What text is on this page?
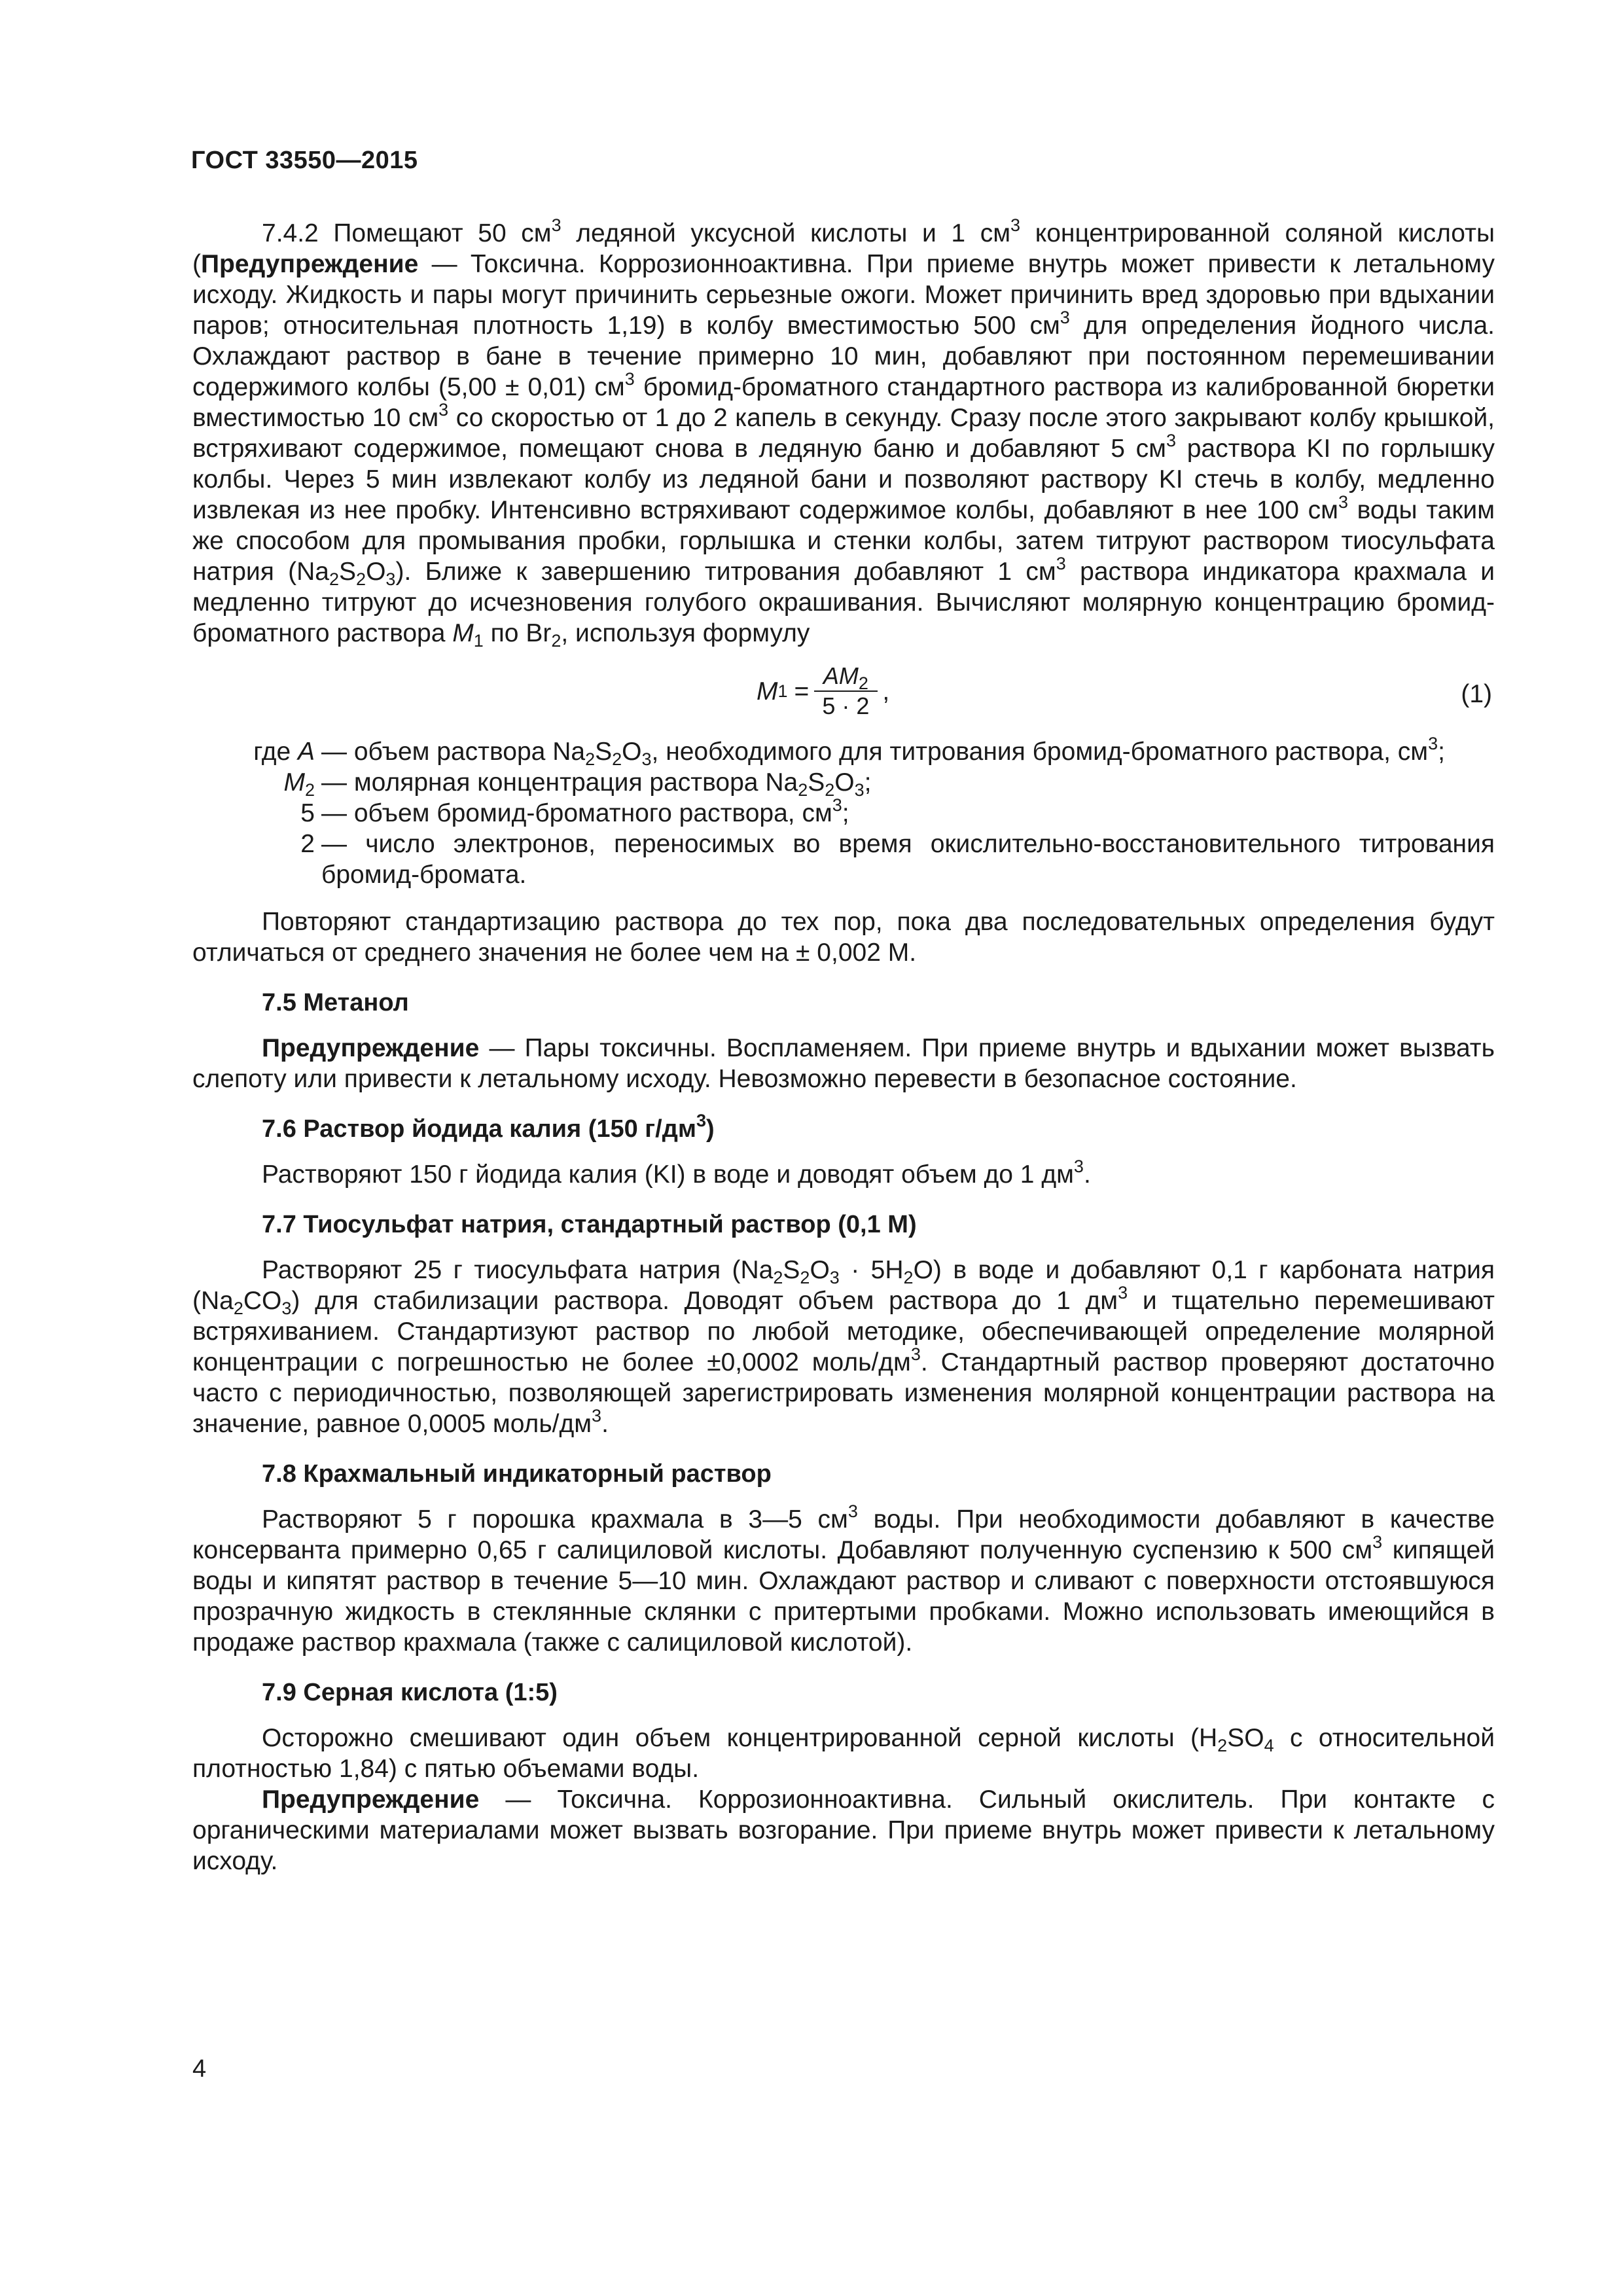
ГОСТ 33550—2015

7.4.2 Помещают 50 $см^3$ ледяной уксусной кислоты и 1 $см^3$ концентрированной соляной кислоты (Предупреждение — Токсична. Коррозионноактивна. При приеме внутрь может привести к летальному исходу. Жидкость и пары могут причинить серьезные ожоги. Может причинить вред здоровью при вдыхании паров; относительная плотность 1,19) в колбу вместимостью 500 $см^3$ для определения йодного числа. Охлаждают раствор в бане в течение примерно 10 мин, добавляют при постоянном перемешивании содержимого колбы (5,00 ± 0,01) $см^3$ бромид-броматного стандартного раствора из калиброванной бюретки вместимостью 10 $см^3$ со скоростью от 1 до 2 капель в секунду. Сразу после этого закрывают колбу крышкой, встряхивают содержимое, помещают снова в ледяную баню и добавляют 5 $см^3$ раствора KI по горлышку колбы. Через 5 мин извлекают колбу из ледяной бани и позволяют раствору KI стечь в колбу, медленно извлекая из нее пробку. Интенсивно встряхивают содержимое колбы, добавляют в нее 100 $см^3$ воды таким же способом для промывания пробки, горлышка и стенки колбы, затем титруют раствором тиосульфата натрия $(Na_2S_2O_3)$. Ближе к завершению титрования добавляют 1 $см^3$ раствора индикатора крахмала и медленно титруют до исчезновения голубого окрашивания. Вычисляют молярную концентрацию бромид-броматного раствора $M_1$ по $Br_2$, используя формулу

M $1 = \frac{AM_2}{5 \cdot 2}$ ,	(1)
где A — объем раствора $Na_2S_2O_3$, необходимого для титрования бромид-броматного раствора, $см^3$;
$M_2$ — молярная концентрация раствора $Na_2S_2O_3$;
5 — объем бромид-броматного раствора, $см^3$;
2 — число электронов, переносимых во время окислительно-восстановительного титрования бромид-бромата.

Повторяют стандартизацию раствора до тех пор, пока два последовательных определения будут отличаться от среднего значения не более чем на ± 0,002 М.

7.5 Метанол

Предупреждение — Пары токсичны. Воспламеняем. При приеме внутрь и вдыхании может вызвать слепоту или привести к летальному исходу. Невозможно перевести в безопасное состояние.

7.6 Раствор йодида калия (150 $г/дм^3$)

Растворяют 150 г йодида калия (KI) в воде и доводят объем до 1 $дм^3$.

7.7 Тиосульфат натрия, стандартный раствор (0,1 М)

Растворяют 25 г тиосульфата натрия $(Na_2S_2O_3 \cdot 5H_2O)$ в воде и добавляют 0,1 г карбоната натрия $(Na_2CO_3)$ для стабилизации раствора. Доводят объем раствора до 1 $дм^3$ и тщательно перемешивают встряхиванием. Стандартизуют раствор по любой методике, обеспечивающей определение молярной концентрации с погрешностью не более ±0,0002 моль/$дм^3$. Стандартный раствор проверяют достаточно часто с периодичностью, позволяющей зарегистрировать изменения молярной концентрации раствора на значение, равное 0,0005 моль/$дм^3$.

7.8 Крахмальный индикаторный раствор

Растворяют 5 г порошка крахмала в 3—5 $см^3$ воды. При необходимости добавляют в качестве консерванта примерно 0,65 г салициловой кислоты. Добавляют полученную суспензию к 500 $см^3$ кипящей воды и кипятят раствор в течение 5—10 мин. Охлаждают раствор и сливают с поверхности отстоявшуюся прозрачную жидкость в стеклянные склянки с притертыми пробками. Можно использовать имеющийся в продаже раствор крахмала (также с салициловой кислотой).

7.9 Серная кислота (1:5)

Осторожно смешивают один объем концентрированной серной кислоты ($H_2SO_4$ с относительной плотностью 1,84) с пятью объемами воды.

Предупреждение — Токсична. Коррозионноактивна. Сильный окислитель. При контакте с органическими материалами может вызвать возгорание. При приеме внутрь может привести к летальному исходу.

4
